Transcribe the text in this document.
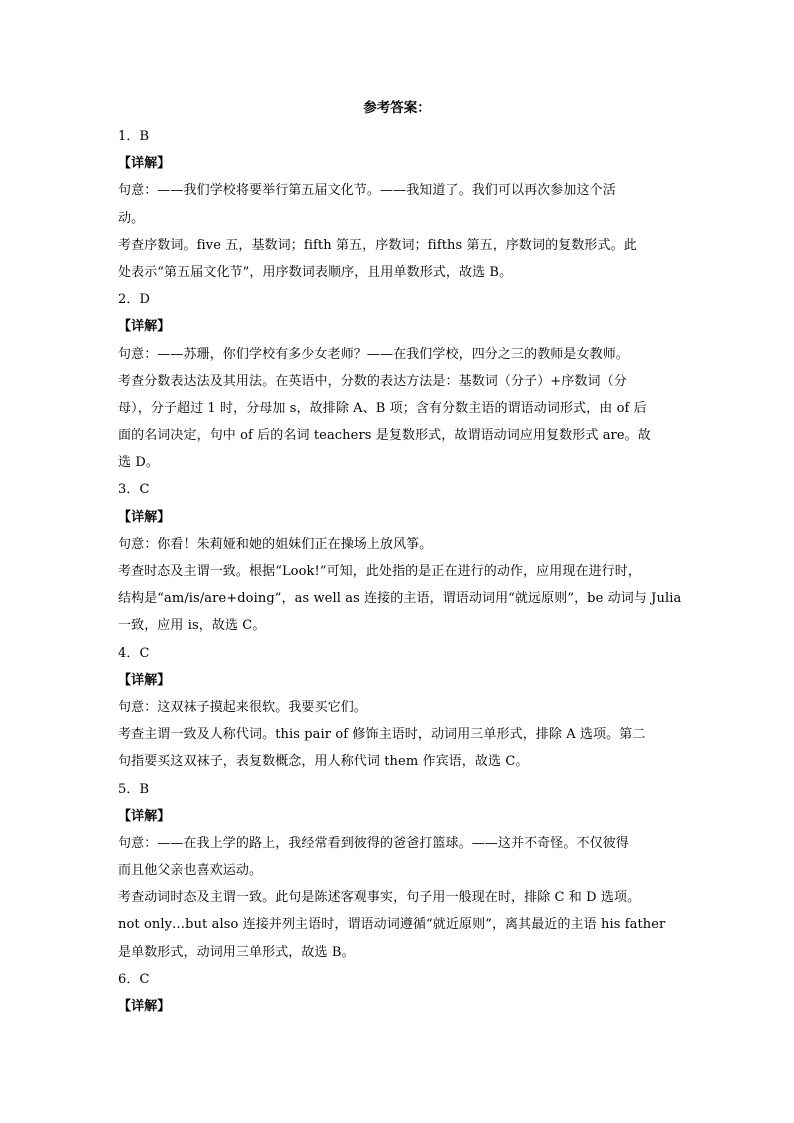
参考答案：
1．B
【详解】
句意：——我们学校将要举行第五届文化节。——我知道了。我们可以再次参加这个活
动。
考查序数词。five 五，基数词；fifth 第五，序数词；fifths 第五，序数词的复数形式。此
处表示“第五届文化节”，用序数词表顺序，且用单数形式，故选 B。
2．D
【详解】
句意：——苏珊，你们学校有多少女老师？——在我们学校，四分之三的教师是女教师。
考查分数表达法及其用法。在英语中，分数的表达方法是：基数词（分子）+序数词（分
母），分子超过 1 时，分母加 s，故排除 A、B 项；含有分数主语的谓语动词形式，由 of 后
面的名词决定，句中 of 后的名词 teachers 是复数形式，故谓语动词应用复数形式 are。故
选 D。
3．C
【详解】
句意：你看！朱莉娅和她的姐妹们正在操场上放风筝。
考查时态及主谓一致。根据“Look!”可知，此处指的是正在进行的动作，应用现在进行时，
结构是“am/is/are+doing”，as well as 连接的主语，谓语动词用“就远原则”，be 动词与 Julia
一致，应用 is，故选 C。
4．C
【详解】
句意：这双袜子摸起来很软。我要买它们。
考查主谓一致及人称代词。this pair of 修饰主语时，动词用三单形式，排除 A 选项。第二
句指要买这双袜子，表复数概念，用人称代词 them 作宾语，故选 C。
5．B
【详解】
句意：——在我上学的路上，我经常看到彼得的爸爸打篮球。——这并不奇怪。不仅彼得
而且他父亲也喜欢运动。
考查动词时态及主谓一致。此句是陈述客观事实，句子用一般现在时，排除 C 和 D 选项。
not only…but also 连接并列主语时，谓语动词遵循“就近原则”，离其最近的主语 his father
是单数形式，动词用三单形式，故选 B。
6．C
【详解】
